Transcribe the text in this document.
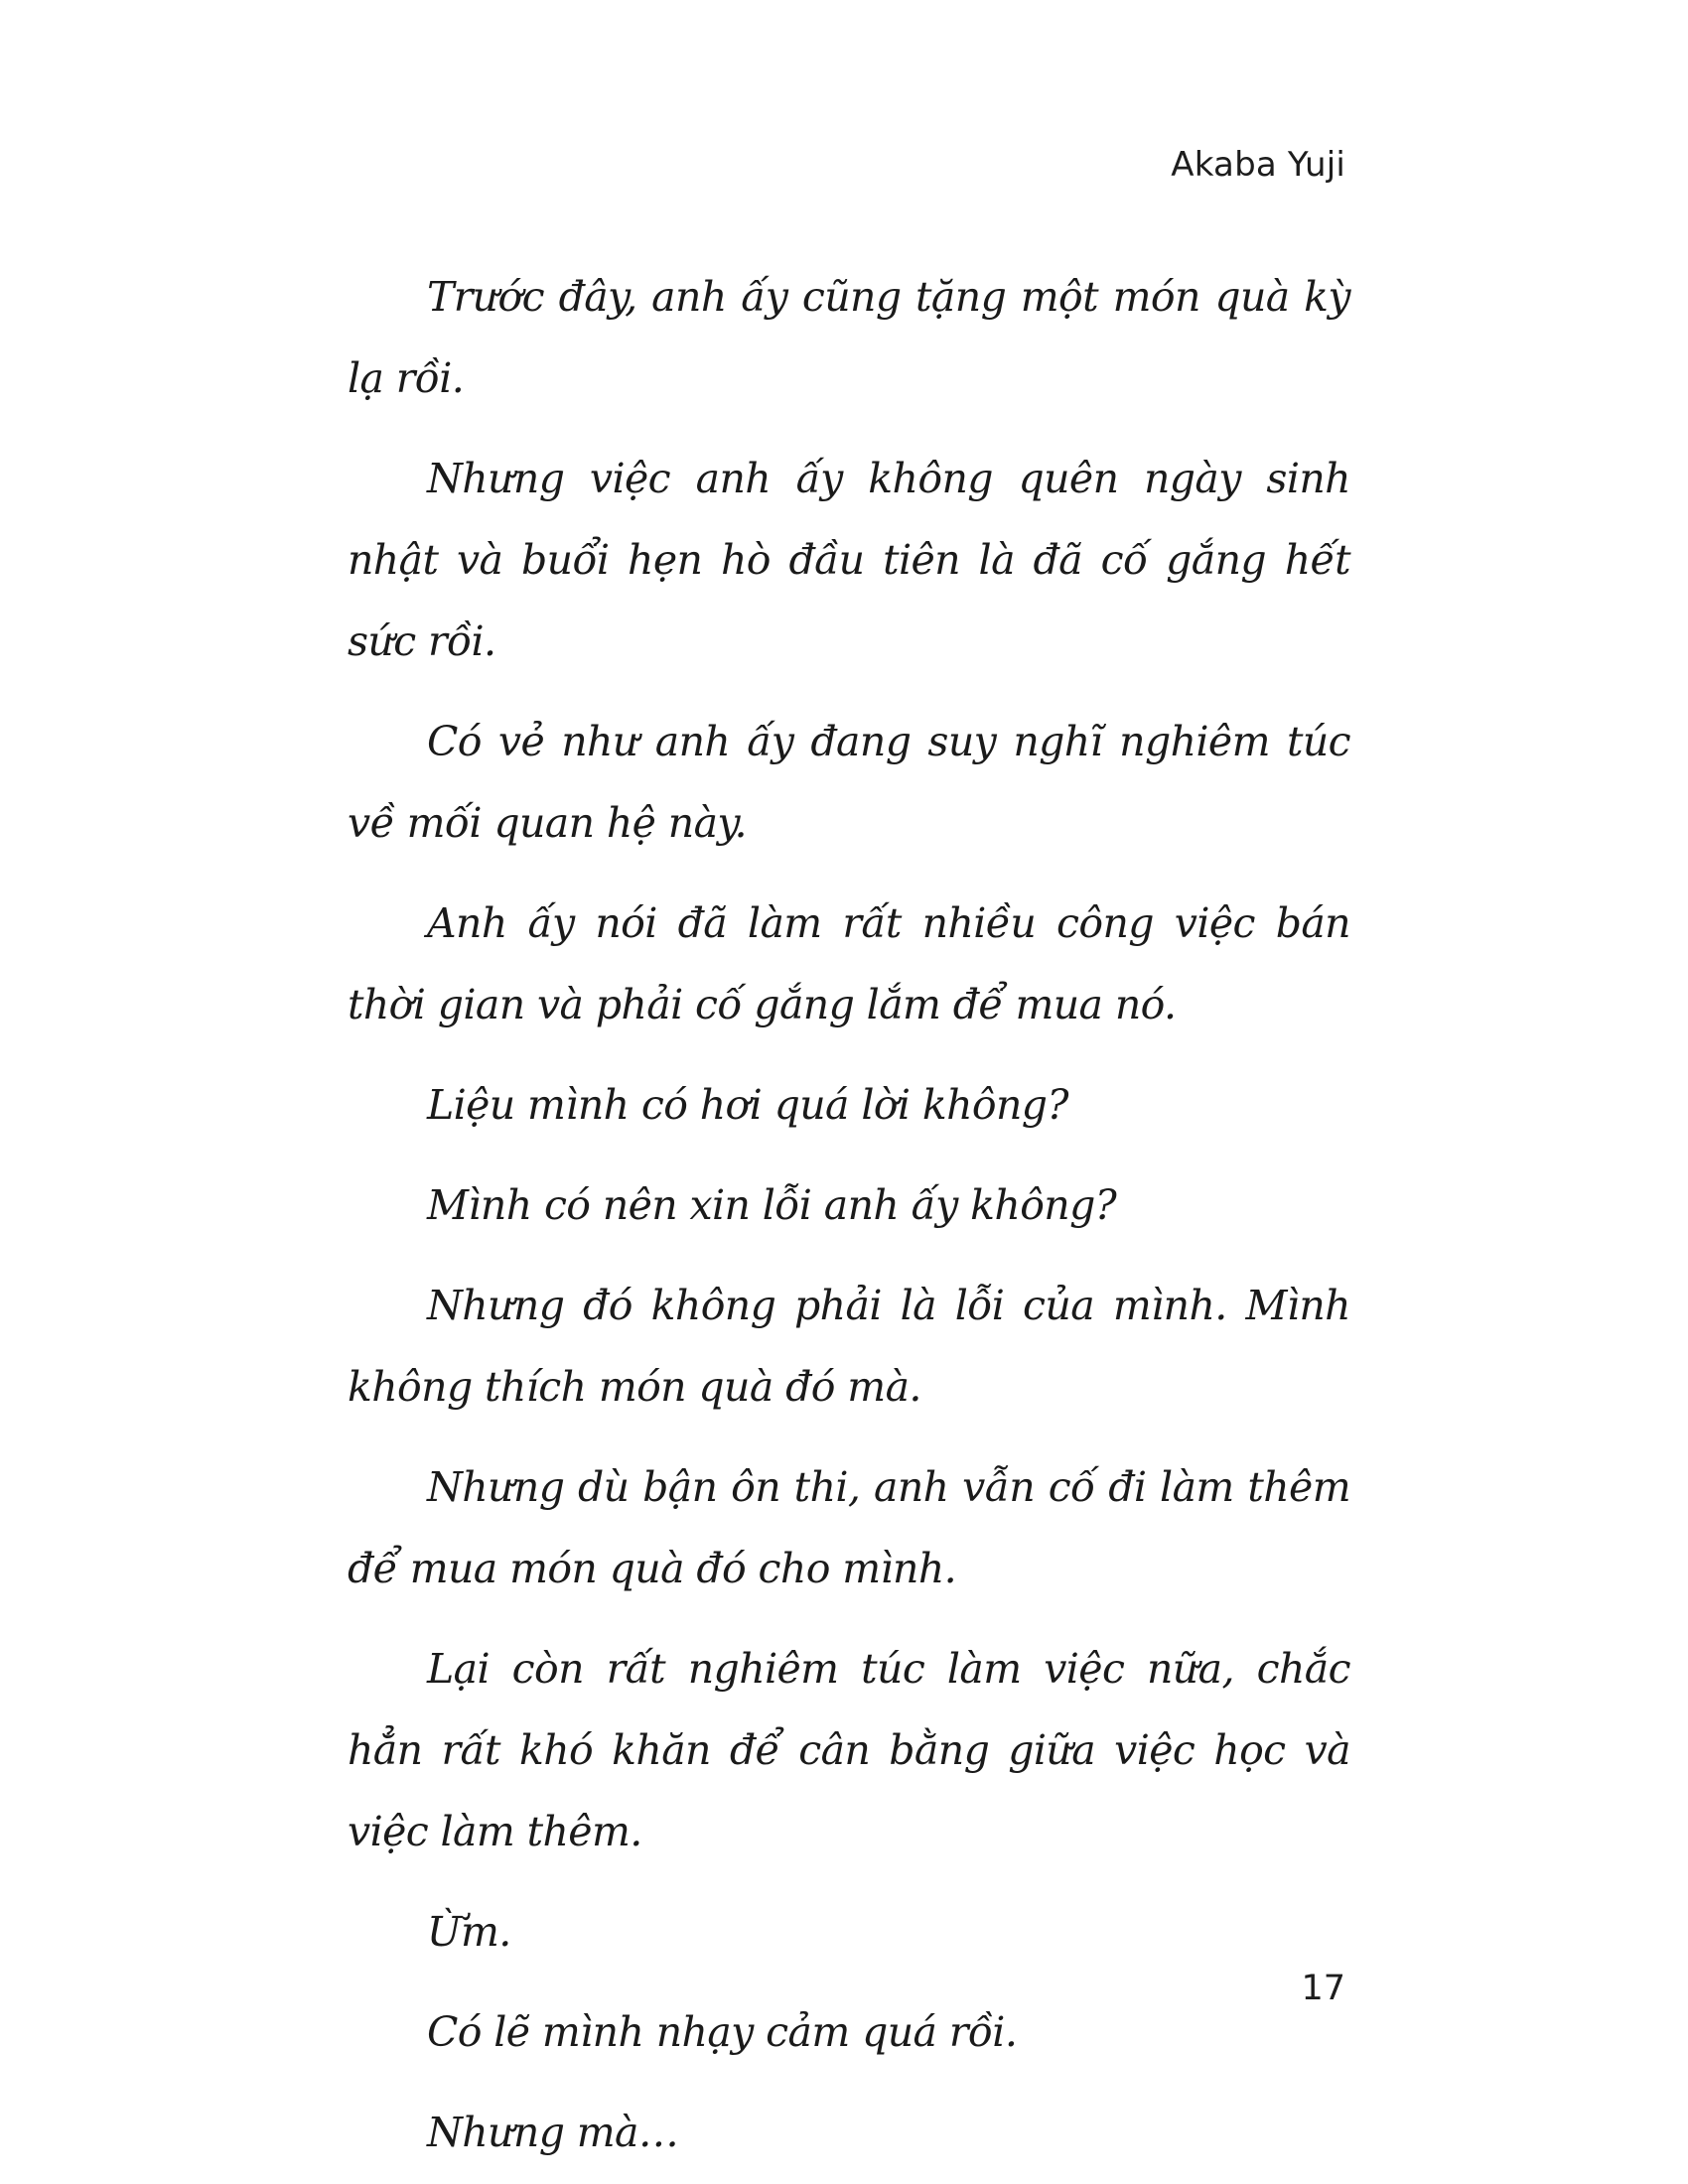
Akaba Yuji

Trước đây, anh ấy cũng tặng một món quà kỳ lạ rồi.

Nhưng việc anh ấy không quên ngày sinh nhật và buổi hẹn hò đầu tiên là đã cố gắng hết sức rồi.

Có vẻ như anh ấy đang suy nghĩ nghiêm túc về mối quan hệ này.

Anh ấy nói đã làm rất nhiều công việc bán thời gian và phải cố gắng lắm để mua nó.

Liệu mình có hơi quá lời không?

Mình có nên xin lỗi anh ấy không?

Nhưng đó không phải là lỗi của mình. Mình không thích món quà đó mà.

Nhưng dù bận ôn thi, anh vẫn cố đi làm thêm để mua món quà đó cho mình.

Lại còn rất nghiêm túc làm việc nữa, chắc hẳn rất khó khăn để cân bằng giữa việc học và việc làm thêm.

Ừm.

Có lẽ mình nhạy cảm quá rồi.

Nhưng mà…

17
